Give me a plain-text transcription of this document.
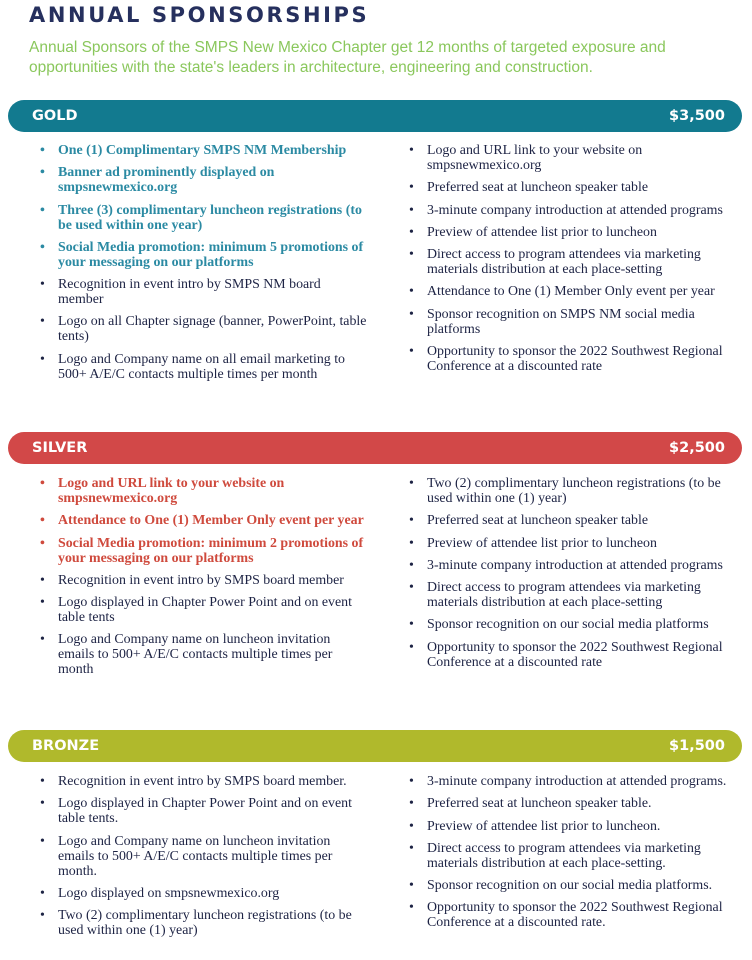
ANNUAL SPONSORSHIPS
Annual Sponsors of the SMPS New Mexico Chapter get 12 months of targeted exposure and opportunities with the state's leaders in architecture, engineering and construction.
GOLD	$3,500
• One (1) Complimentary SMPS NM Membership
• Banner ad prominently displayed on smpsnewmexico.org
• Three (3) complimentary luncheon registrations (to be used within one year)
• Social Media promotion: minimum 5 promotions of your messaging on our platforms
• Recognition in event intro by SMPS NM board member
• Logo on all Chapter signage (banner, PowerPoint, table tents)
• Logo and Company name on all email marketing to 500+ A/E/C contacts multiple times per month
• Logo and URL link to your website on smpsnewmexico.org
• Preferred seat at luncheon speaker table
• 3-minute company introduction at attended programs
• Preview of attendee list prior to luncheon
• Direct access to program attendees via marketing materials distribution at each place-setting
• Attendance to One (1) Member Only event per year
• Sponsor recognition on SMPS NM social media platforms
• Opportunity to sponsor the 2022 Southwest Regional Conference at a discounted rate
SILVER	$2,500
• Logo and URL link to your website on smpsnewmexico.org
• Attendance to One (1) Member Only event per year
• Social Media promotion: minimum 2 promotions of your messaging on our platforms
• Recognition in event intro by SMPS board member
• Logo displayed in Chapter Power Point and on event table tents
• Logo and Company name on luncheon invitation emails to 500+ A/E/C contacts multiple times per month
• Two (2) complimentary luncheon registrations (to be used within one (1) year)
• Preferred seat at luncheon speaker table
• Preview of attendee list prior to luncheon
• 3-minute company introduction at attended programs
• Direct access to program attendees via marketing materials distribution at each place-setting
• Sponsor recognition on our social media platforms
• Opportunity to sponsor the 2022 Southwest Regional Conference at a discounted rate
BRONZE	$1,500
• Recognition in event intro by SMPS board member.
• Logo displayed in Chapter Power Point and on event table tents.
• Logo and Company name on luncheon invitation emails to 500+ A/E/C contacts multiple times per month.
• Logo displayed on smpsnewmexico.org
• Two (2) complimentary luncheon registrations (to be used within one (1) year)
• 3-minute company introduction at attended programs.
• Preferred seat at luncheon speaker table.
• Preview of attendee list prior to luncheon.
• Direct access to program attendees via marketing materials distribution at each place-setting.
• Sponsor recognition on our social media platforms.
• Opportunity to sponsor the 2022 Southwest Regional Conference at a discounted rate.
